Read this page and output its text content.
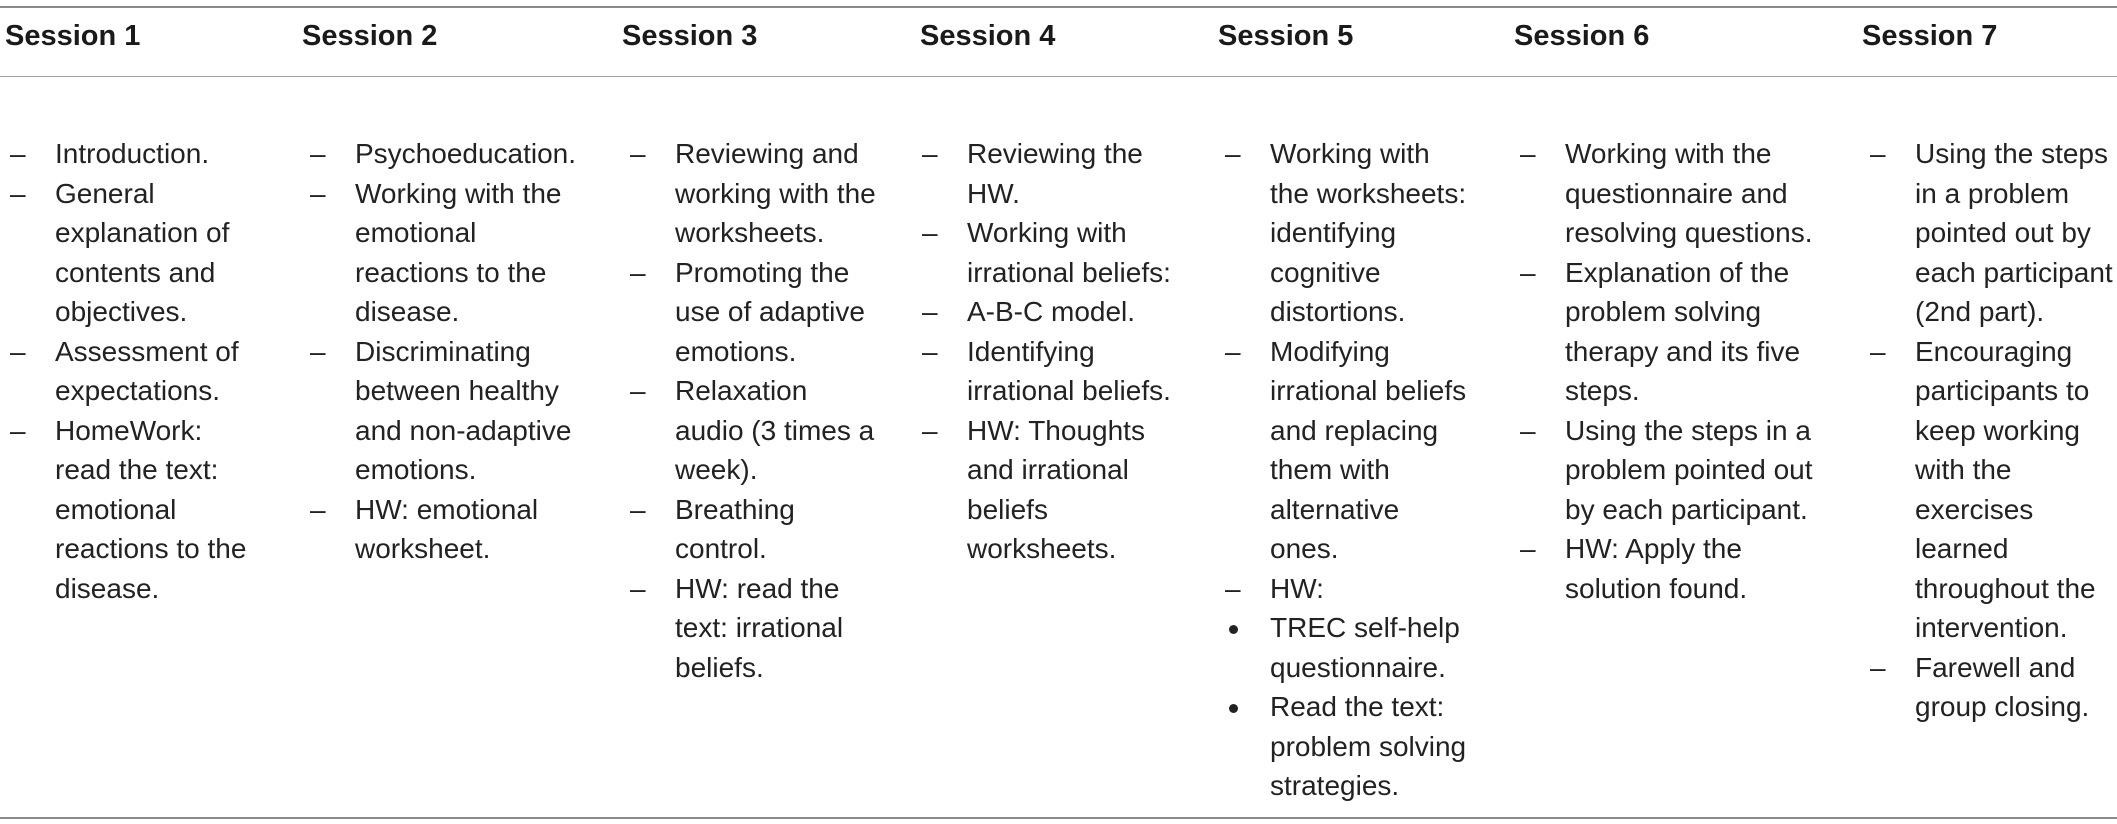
Session 1
–
Introduction.
–
General explanation of contents and objectives.
–
Assessment of expectations.
–
HomeWork: read the text: emotional reactions to the disease.
Session 2
–
Psychoeducation.
–
Working with the emotional reactions to the disease.
–
Discriminating between healthy and non-adaptive emotions.
–
HW: emotional worksheet.
Session 3
–
Reviewing and working with the worksheets.
–
Promoting the use of adaptive emotions.
–
Relaxation audio (3 times a week).
–
Breathing control.
–
HW: read the text: irrational beliefs.
Session 4
–
Reviewing the HW.
–
Working with irrational beliefs:
–
A-B-C model.
–
Identifying irrational beliefs.
–
HW: Thoughts and irrational beliefs worksheets.
Session 5
–
Working with the worksheets: identifying cognitive distortions.
–
Modifying irrational beliefs and replacing them with alternative ones.
–
HW:
TREC self-help questionnaire.
Read the text: problem solving strategies.
Session 6
–
Working with the questionnaire and resolving questions.
–
Explanation of the problem solving therapy and its five steps.
–
Using the steps in a problem pointed out by each participant.
–
HW: Apply the solution found.
Session 7
–
Using the steps in a problem pointed out by each participant (2nd part).
–
Encouraging participants to keep working with the exercises learned throughout the intervention.
–
Farewell and group closing.
